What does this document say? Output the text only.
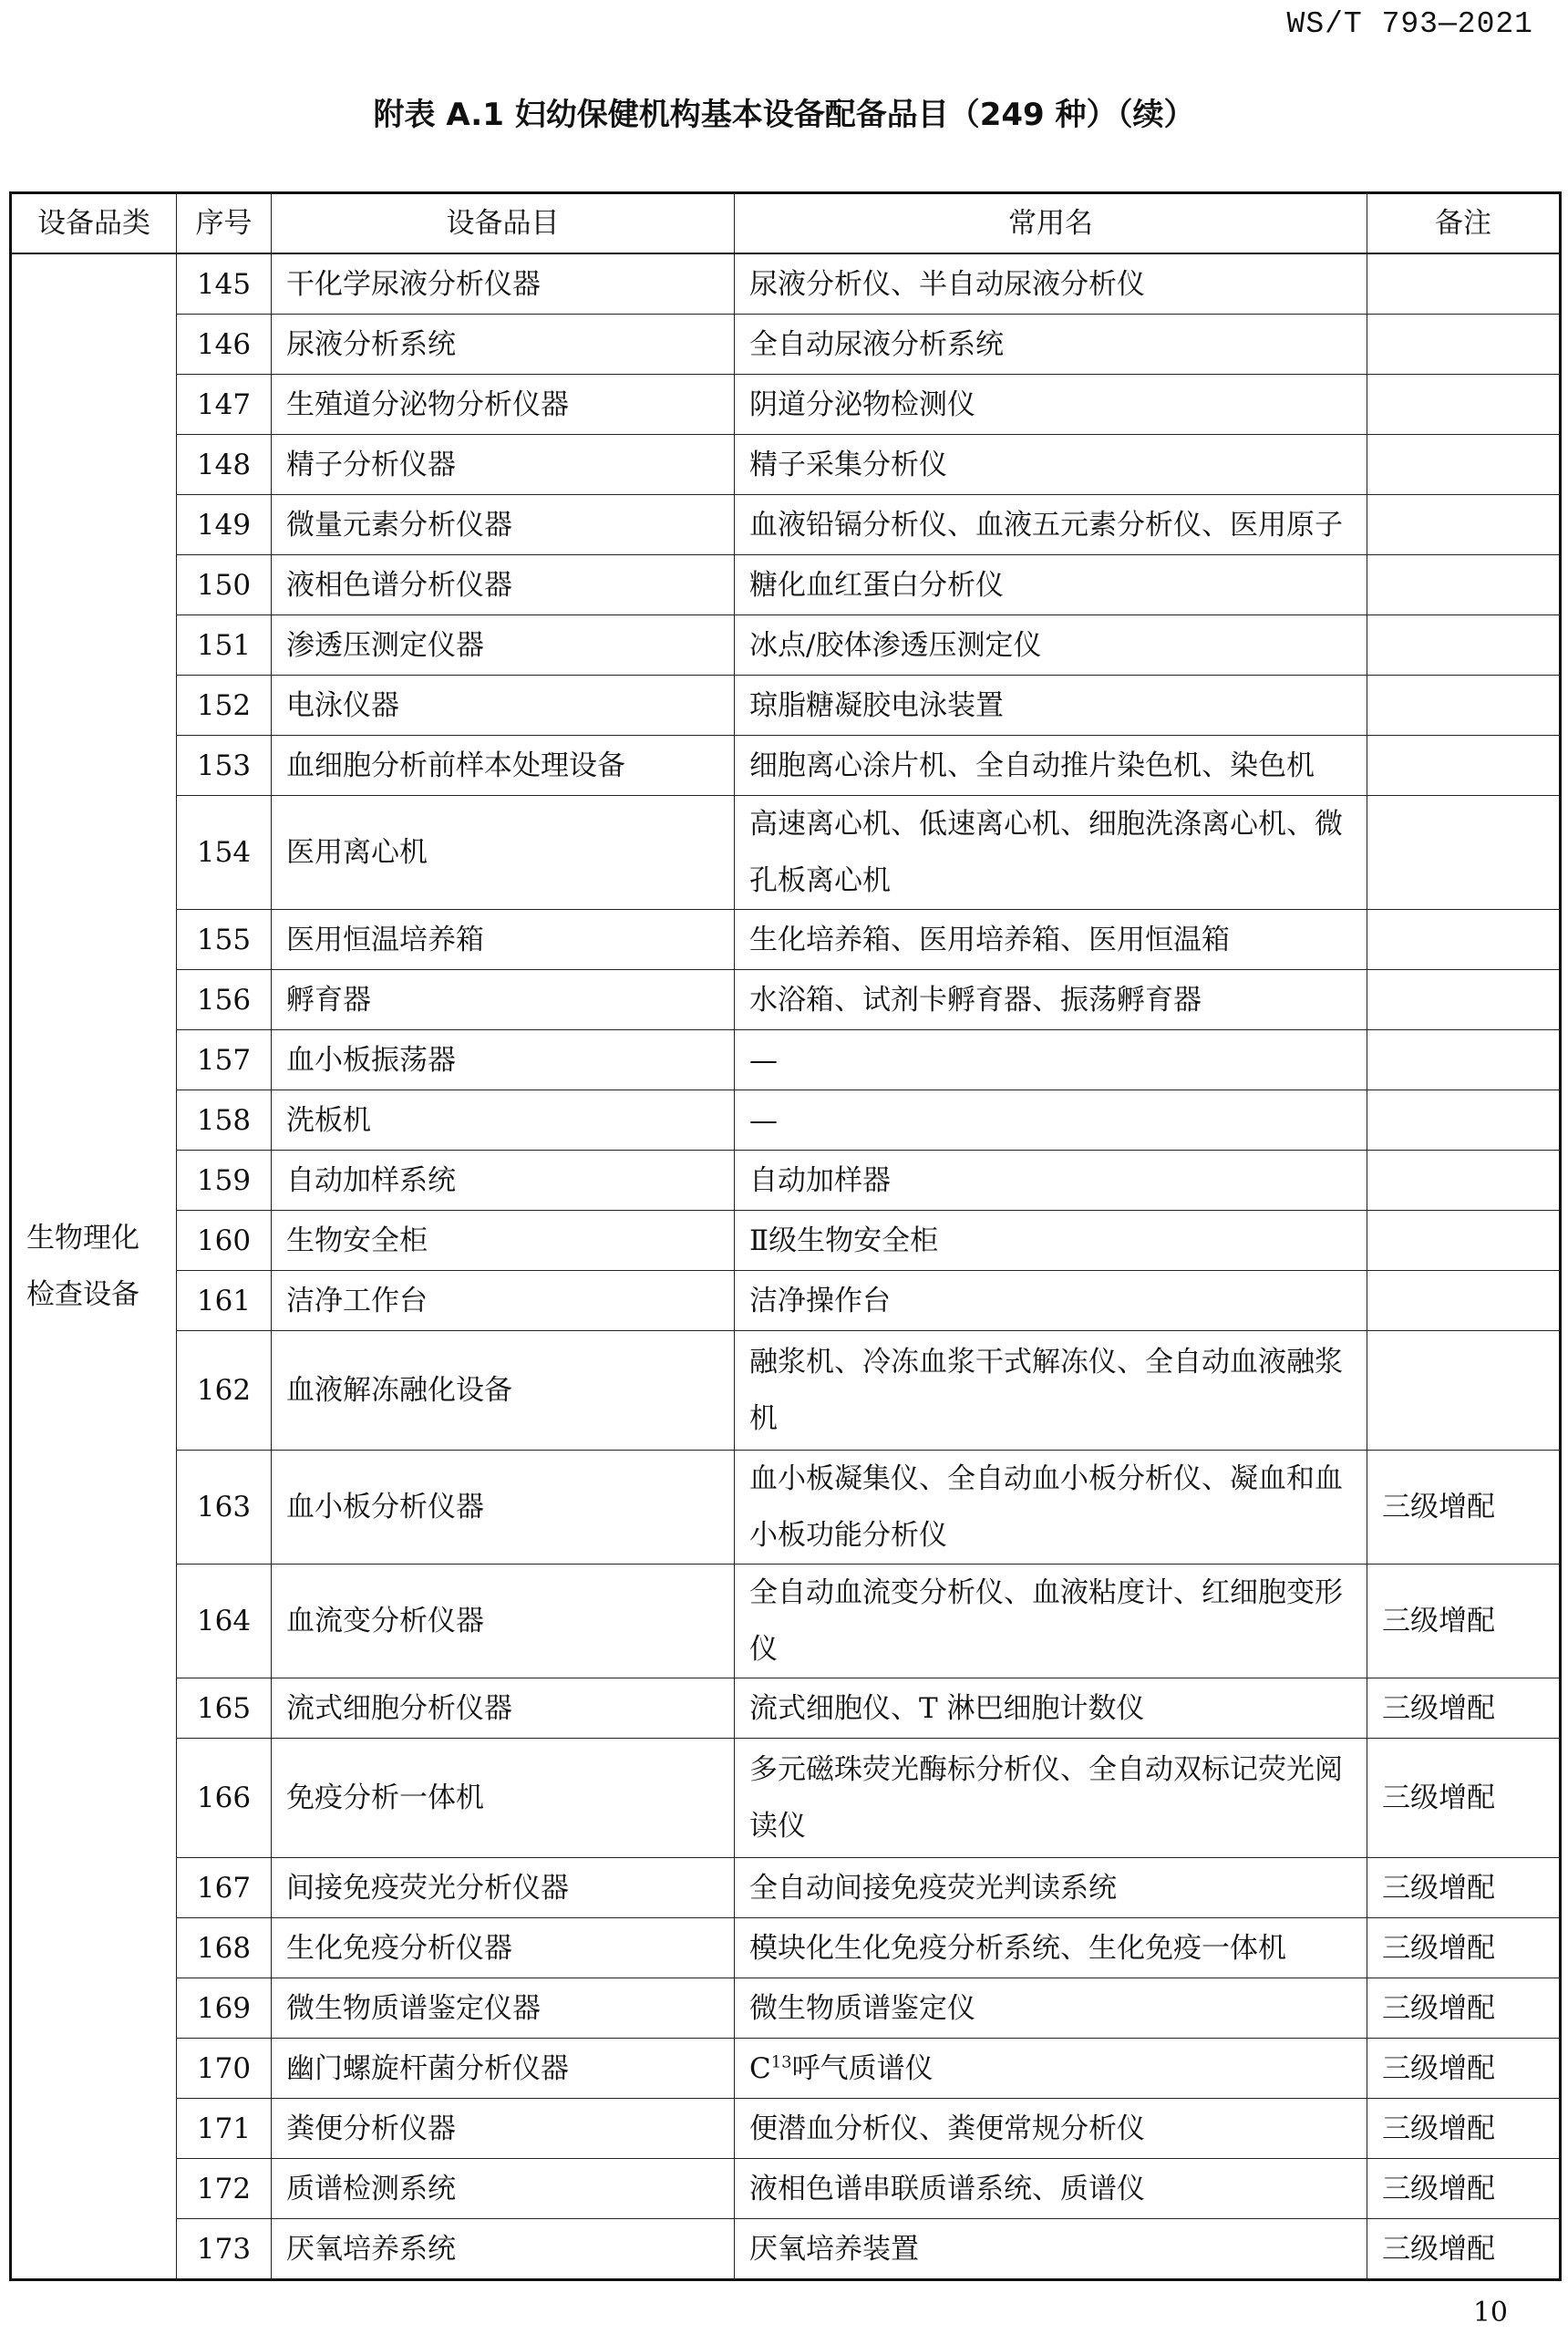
WS/T 793—2021
附表 A.1 妇幼保健机构基本设备配备品目（249 种）（续）
设备品类	序号	设备品目	常用名	备注
生物理化检查设备	145	干化学尿液分析仪器	尿液分析仪、半自动尿液分析仪	
	146	尿液分析系统	全自动尿液分析系统	
	147	生殖道分泌物分析仪器	阴道分泌物检测仪	
	148	精子分析仪器	精子采集分析仪	
	149	微量元素分析仪器	血液铅镉分析仪、血液五元素分析仪、医用原子	
	150	液相色谱分析仪器	糖化血红蛋白分析仪	
	151	渗透压测定仪器	冰点/胶体渗透压测定仪	
	152	电泳仪器	琼脂糖凝胶电泳装置	
	153	血细胞分析前样本处理设备	细胞离心涂片机、全自动推片染色机、染色机	
	154	医用离心机	高速离心机、低速离心机、细胞洗涤离心机、微孔板离心机	
	155	医用恒温培养箱	生化培养箱、医用培养箱、医用恒温箱	
	156	孵育器	水浴箱、试剂卡孵育器、振荡孵育器	
	157	血小板振荡器	—	
	158	洗板机	—	
	159	自动加样系统	自动加样器	
	160	生物安全柜	Ⅱ级生物安全柜	
	161	洁净工作台	洁净操作台	
	162	血液解冻融化设备	融浆机、冷冻血浆干式解冻仪、全自动血液融浆机	
	163	血小板分析仪器	血小板凝集仪、全自动血小板分析仪、凝血和血小板功能分析仪	三级增配
	164	血流变分析仪器	全自动血流变分析仪、血液粘度计、红细胞变形仪	三级增配
	165	流式细胞分析仪器	流式细胞仪、T 淋巴细胞计数仪	三级增配
	166	免疫分析一体机	多元磁珠荧光酶标分析仪、全自动双标记荧光阅读仪	三级增配
	167	间接免疫荧光分析仪器	全自动间接免疫荧光判读系统	三级增配
	168	生化免疫分析仪器	模块化生化免疫分析系统、生化免疫一体机	三级增配
	169	微生物质谱鉴定仪器	微生物质谱鉴定仪	三级增配
	170	幽门螺旋杆菌分析仪器	$C^{13}$呼气质谱仪	三级增配
	171	粪便分析仪器	便潜血分析仪、粪便常规分析仪	三级增配
	172	质谱检测系统	液相色谱串联质谱系统、质谱仪	三级增配
	173	厌氧培养系统	厌氧培养装置	三级增配
10
